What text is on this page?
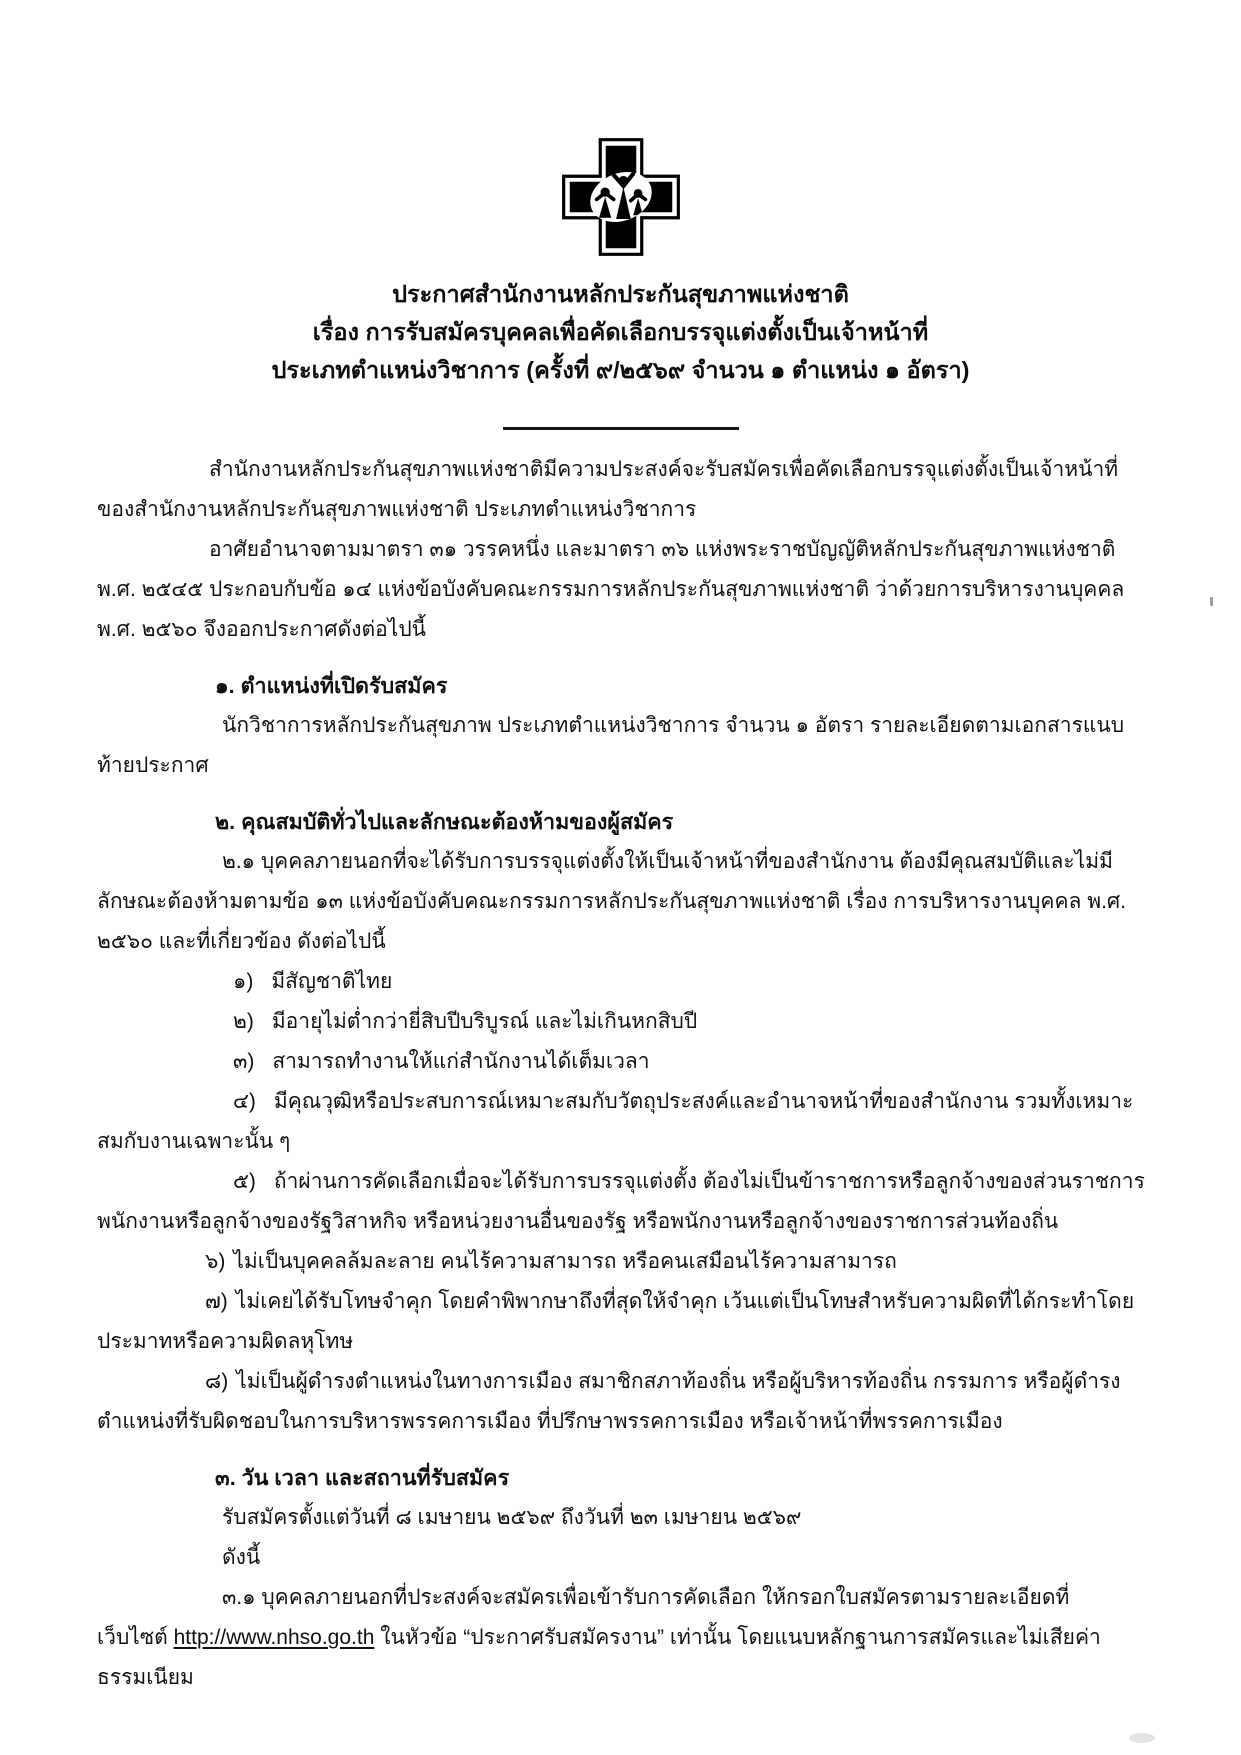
ประกาศสำนักงานหลักประกันสุขภาพแห่งชาติ
เรื่อง การรับสมัครบุคคลเพื่อคัดเลือกบรรจุแต่งตั้งเป็นเจ้าหน้าที่
ประเภทตำแหน่งวิชาการ (ครั้งที่ ๙/๒๕๖๙ จำนวน ๑ ตำแหน่ง ๑ อัตรา)

สำนักงานหลักประกันสุขภาพแห่งชาติมีความประสงค์จะรับสมัครเพื่อคัดเลือกบรรจุแต่งตั้งเป็นเจ้าหน้าที่ของสำนักงานหลักประกันสุขภาพแห่งชาติ ประเภทตำแหน่งวิชาการ

อาศัยอำนาจตามมาตรา ๓๑ วรรคหนึ่ง และมาตรา ๓๖ แห่งพระราชบัญญัติหลักประกันสุขภาพแห่งชาติ พ.ศ. ๒๕๔๕ ประกอบกับข้อ ๑๔ แห่งข้อบังคับคณะกรรมการหลักประกันสุขภาพแห่งชาติ ว่าด้วยการบริหารงานบุคคล พ.ศ. ๒๕๖๐ จึงออกประกาศดังต่อไปนี้

๑. ตำแหน่งที่เปิดรับสมัคร

นักวิชาการหลักประกันสุขภาพ ประเภทตำแหน่งวิชาการ จำนวน ๑ อัตรา รายละเอียดตามเอกสารแนบท้ายประกาศ

๒. คุณสมบัติทั่วไปและลักษณะต้องห้ามของผู้สมัคร

๒.๑ บุคคลภายนอกที่จะได้รับการบรรจุแต่งตั้งให้เป็นเจ้าหน้าที่ของสำนักงาน ต้องมีคุณสมบัติและไม่มีลักษณะต้องห้ามตามข้อ ๑๓ แห่งข้อบังคับคณะกรรมการหลักประกันสุขภาพแห่งชาติ เรื่อง การบริหารงานบุคคล พ.ศ. ๒๕๖๐ และที่เกี่ยวข้อง ดังต่อไปนี้

๑) มีสัญชาติไทย

๒) มีอายุไม่ต่ำกว่ายี่สิบปีบริบูรณ์ และไม่เกินหกสิบปี

๓) สามารถทำงานให้แก่สำนักงานได้เต็มเวลา

๔) มีคุณวุฒิหรือประสบการณ์เหมาะสมกับวัตถุประสงค์และอำนาจหน้าที่ของสำนักงาน รวมทั้งเหมาะสมกับงานเฉพาะนั้น ๆ

๕) ถ้าผ่านการคัดเลือกเมื่อจะได้รับการบรรจุแต่งตั้ง ต้องไม่เป็นข้าราชการหรือลูกจ้างของส่วนราชการ พนักงานหรือลูกจ้างของรัฐวิสาหกิจ หรือหน่วยงานอื่นของรัฐ หรือพนักงานหรือลูกจ้างของราชการส่วนท้องถิ่น

๖) ไม่เป็นบุคคลล้มละลาย คนไร้ความสามารถ หรือคนเสมือนไร้ความสามารถ

๗) ไม่เคยได้รับโทษจำคุก โดยคำพิพากษาถึงที่สุดให้จำคุก เว้นแต่เป็นโทษสำหรับความผิดที่ได้กระทำโดยประมาทหรือความผิดลหุโทษ

๘) ไม่เป็นผู้ดำรงตำแหน่งในทางการเมือง สมาชิกสภาท้องถิ่น หรือผู้บริหารท้องถิ่น กรรมการ หรือผู้ดำรงตำแหน่งที่รับผิดชอบในการบริหารพรรคการเมือง ที่ปรึกษาพรรคการเมือง หรือเจ้าหน้าที่พรรคการเมือง

๓. วัน เวลา และสถานที่รับสมัคร

รับสมัครตั้งแต่วันที่ ๘ เมษายน ๒๕๖๙ ถึงวันที่ ๒๓ เมษายน ๒๕๖๙

ดังนี้

๓.๑ บุคคลภายนอกที่ประสงค์จะสมัครเพื่อเข้ารับการคัดเลือก ให้กรอกใบสมัครตามรายละเอียดที่ เว็บไซต์ http://www.nhso.go.th ในหัวข้อ “ประกาศรับสมัครงาน” เท่านั้น โดยแนบหลักฐานการสมัครและไม่เสียค่าธรรมเนียม
